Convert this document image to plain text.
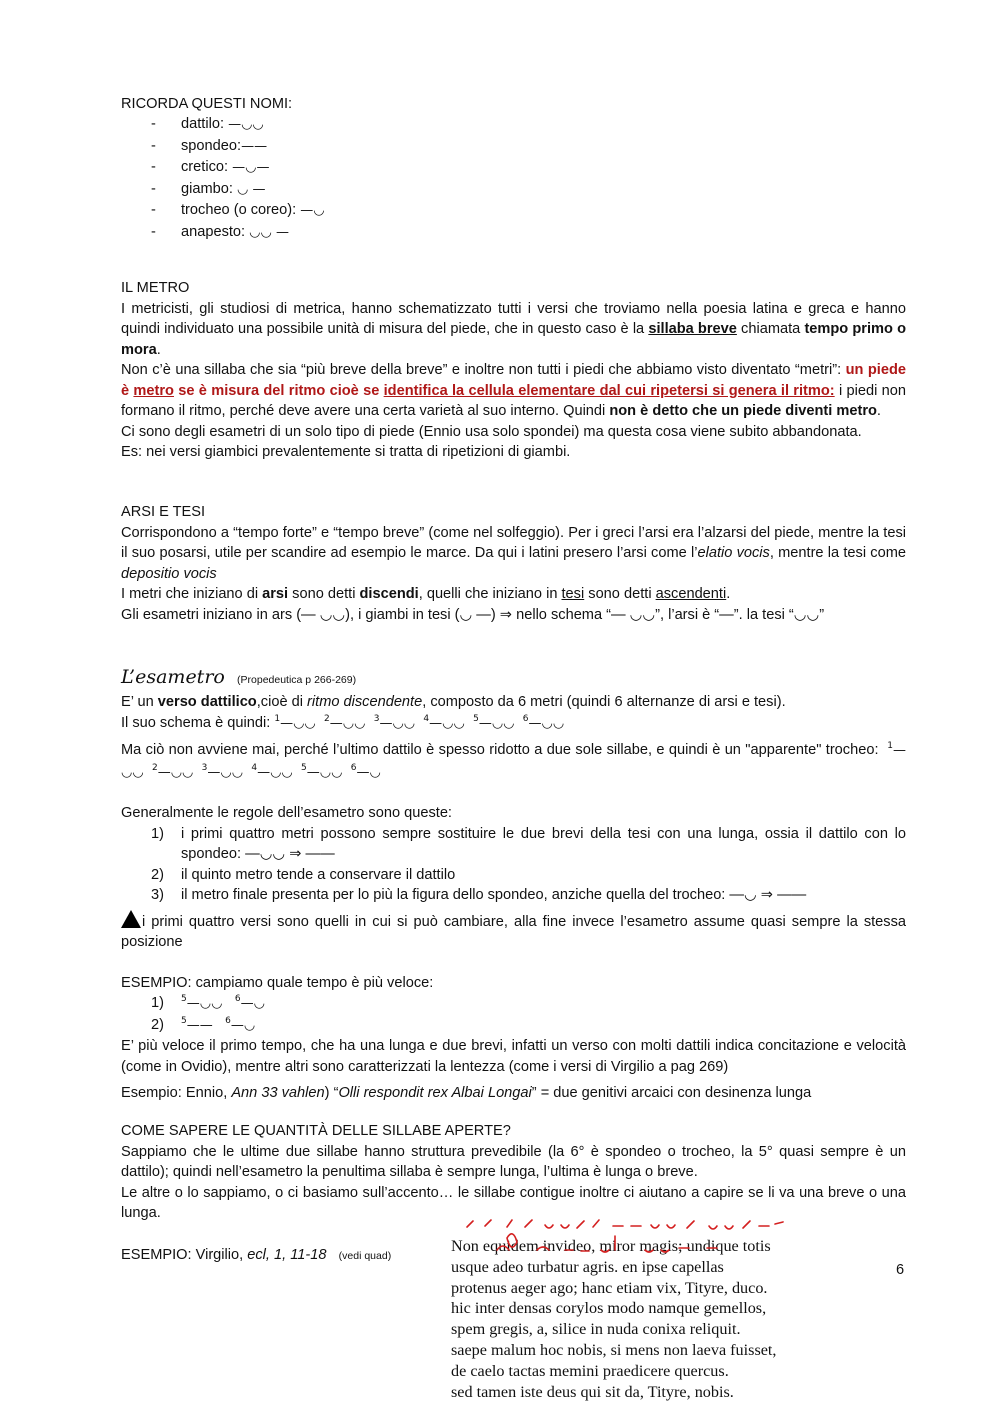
RICORDA QUESTI NOMI:
- dattilo: —◡◡
- spondeo:——
- cretico: —◡—
- giambo: ◡ —
- trocheo (o coreo): —◡
- anapesto: ◡◡ —
IL METRO
I metricisti, gli studiosi di metrica, hanno schematizzato tutti i versi che troviamo nella poesia latina e greca e hanno quindi individuato una possibile unità di misura del piede, che in questo caso è la sillaba breve chiamata tempo primo o mora.
Non c’è una sillaba che sia “più breve della breve” e inoltre non tutti i piedi che abbiamo visto diventato “metri”: un piede è metro se è misura del ritmo cioè se identifica la cellula elementare dal cui ripetersi si genera il ritmo: i piedi non formano il ritmo, perché deve avere una certa varietà al suo interno. Quindi non è detto che un piede diventi metro.
Ci sono degli esametri di un solo tipo di piede (Ennio usa solo spondei) ma questa cosa viene subito abbandonata.
Es: nei versi giambici prevalentemente si tratta di ripetizioni di giambi.
ARSI E TESI
Corrispondono a “tempo forte” e “tempo breve” (come nel solfeggio). Per i greci l’arsi era l’alzarsi del piede, mentre la tesi il suo posarsi, utile per scandire ad esempio le marce. Da qui i latini presero l’arsi come l’elatio vocis, mentre la tesi come depositio vocis
I metri che iniziano di arsi sono detti discendi, quelli che iniziano in tesi sono detti ascendenti.
Gli esametri iniziano in ars (— ◡◡), i giambi in tesi (◡ —) ⇒ nello schema “— ◡◡”, l’arsi è “—”. la tesi “◡◡”
L’esametro (Propedeutica p 266-269)
E’ un verso dattilico,cioè di ritmo discendente, composto da 6 metri (quindi 6 alternanze di arsi e tesi).
Il suo schema è quindi: $^1$—◡◡  $^2$—◡◡  $^3$—◡◡  $^4$—◡◡  $^5$—◡◡  $^6$—◡◡
Ma ciò non avviene mai, perché l’ultimo dattilo è spesso ridotto a due sole sillabe, e quindi è un "apparente" trocheo: $^1$—◡◡  $^2$—◡◡  $^3$—◡◡  $^4$—◡◡  $^5$—◡◡  $^6$—◡
Generalmente le regole dell’esametro sono queste:
1) i primi quattro metri possono sempre sostituire le due brevi della tesi con una lunga, ossia il dattilo con lo spondeo: —◡◡ ⇒ ——
2) il quinto metro tende a conservare il dattilo
3) il metro finale presenta per lo più la figura dello spondeo, anziche quella del trocheo: —◡ ⇒ ——
i primi quattro versi sono quelli in cui si può cambiare, alla fine invece l’esametro assume quasi sempre la stessa posizione
ESEMPIO: campiamo quale tempo è più veloce:
1) $^5$—◡◡   $^6$—◡
2) $^5$——   $^6$—◡
E’ più veloce il primo tempo, che ha una lunga e due brevi, infatti un verso con molti dattili indica concitazione e velocità (come in Ovidio), mentre altri sono caratterizzati la lentezza (come i versi di Virgilio a pag 269)
Esempio: Ennio, Ann 33 vahlen) “Olli respondit rex Albai Longai” = due genitivi arcaici con desinenza lunga
COME SAPERE LE QUANTITÀ DELLE SILLABE APERTE?
Sappiamo che le ultime due sillabe hanno struttura prevedibile (la 6° è spondeo o trocheo, la 5° quasi sempre è un dattilo); quindi nell’esametro la penultima sillaba è sempre lunga, l’ultima è lunga o breve.
Le altre o lo sappiamo, o ci basiamo sull’accento… le sillabe contigue inoltre ci aiutano a capire se li va una breve o una lunga.
ESEMPIO: Virgilio, ecl, 1, 11-18 (vedi quad)
Non equidem invideo, miror magis; undique totis
usque adeo turbatur agris. en ipse capellas
protenus aeger ago; hanc etiam vix, Tityre, duco.
hic inter densas corylos modo namque gemellos,
spem gregis, a, silice in nuda conixa reliquit.
saepe malum hoc nobis, si mens non laeva fuisset,
de caelo tactas memini praedicere quercus.
sed tamen iste deus qui sit da, Tityre, nobis.
6
